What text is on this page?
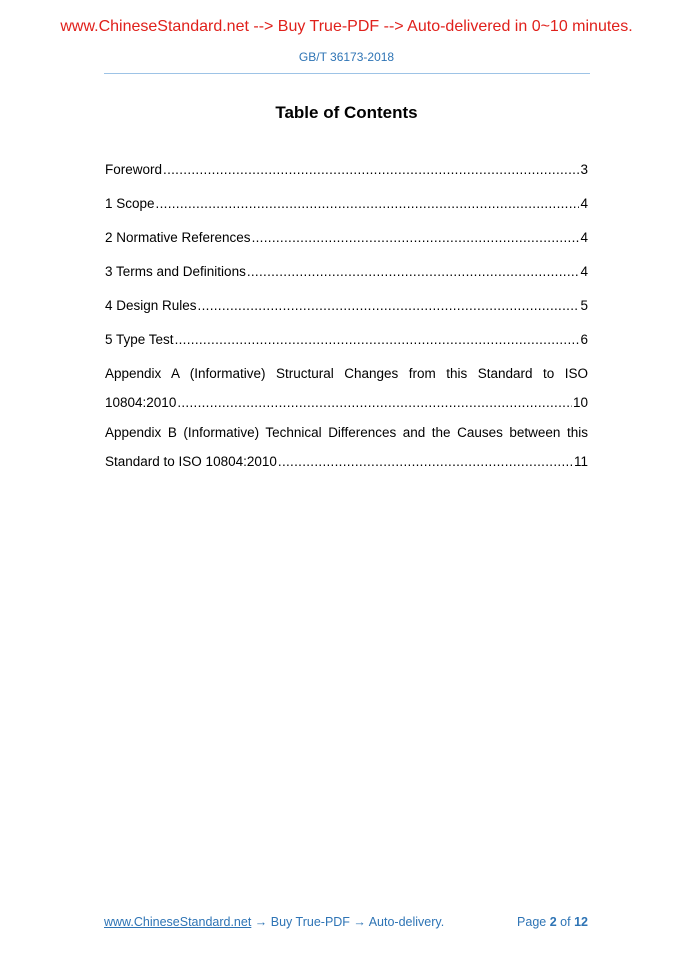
www.ChineseStandard.net --> Buy True-PDF --> Auto-delivered in 0~10 minutes.
GB/T 36173-2018
Table of Contents
Foreword .....	3
1 Scope .....	4
2 Normative References .....	4
3 Terms and Definitions .....	4
4 Design Rules .....	5
5 Type Test .....	6
Appendix A (Informative) Structural Changes from this Standard to ISO
10804:2010 .....	10
Appendix B (Informative) Technical Differences and the Causes between this
Standard to ISO 10804:2010 .....	11
www.ChineseStandard.net → Buy True-PDF → Auto-delivery.	Page 2 of 12
